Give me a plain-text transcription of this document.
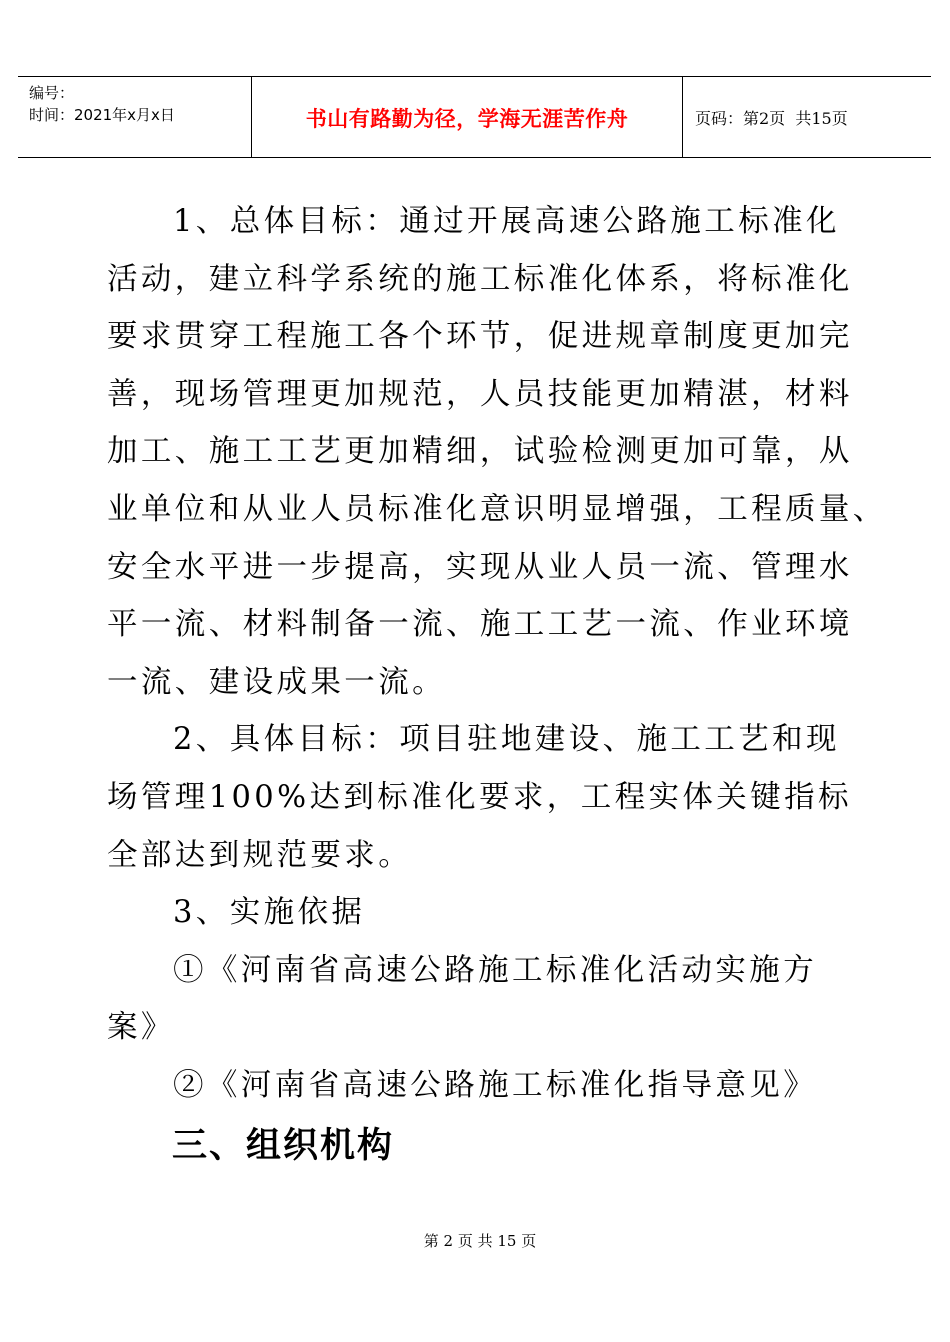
编号：
时间：2021年x月x日	书山有路勤为径，学海无涯苦作舟	页码：第2页  共15页
1、总体目标：通过开展高速公路施工标准化
活动，建立科学系统的施工标准化体系，将标准化
要求贯穿工程施工各个环节，促进规章制度更加完
善，现场管理更加规范，人员技能更加精湛，材料
加工、施工工艺更加精细，试验检测更加可靠，从
业单位和从业人员标准化意识明显增强，工程质量、
安全水平进一步提高，实现从业人员一流、管理水
平一流、材料制备一流、施工工艺一流、作业环境
一流、建设成果一流。
2、具体目标：项目驻地建设、施工工艺和现
场管理100%达到标准化要求，工程实体关键指标
全部达到规范要求。
3、实施依据
①《河南省高速公路施工标准化活动实施方
案》
②《河南省高速公路施工标准化指导意见》
三、组织机构
第 2 页 共 15 页
